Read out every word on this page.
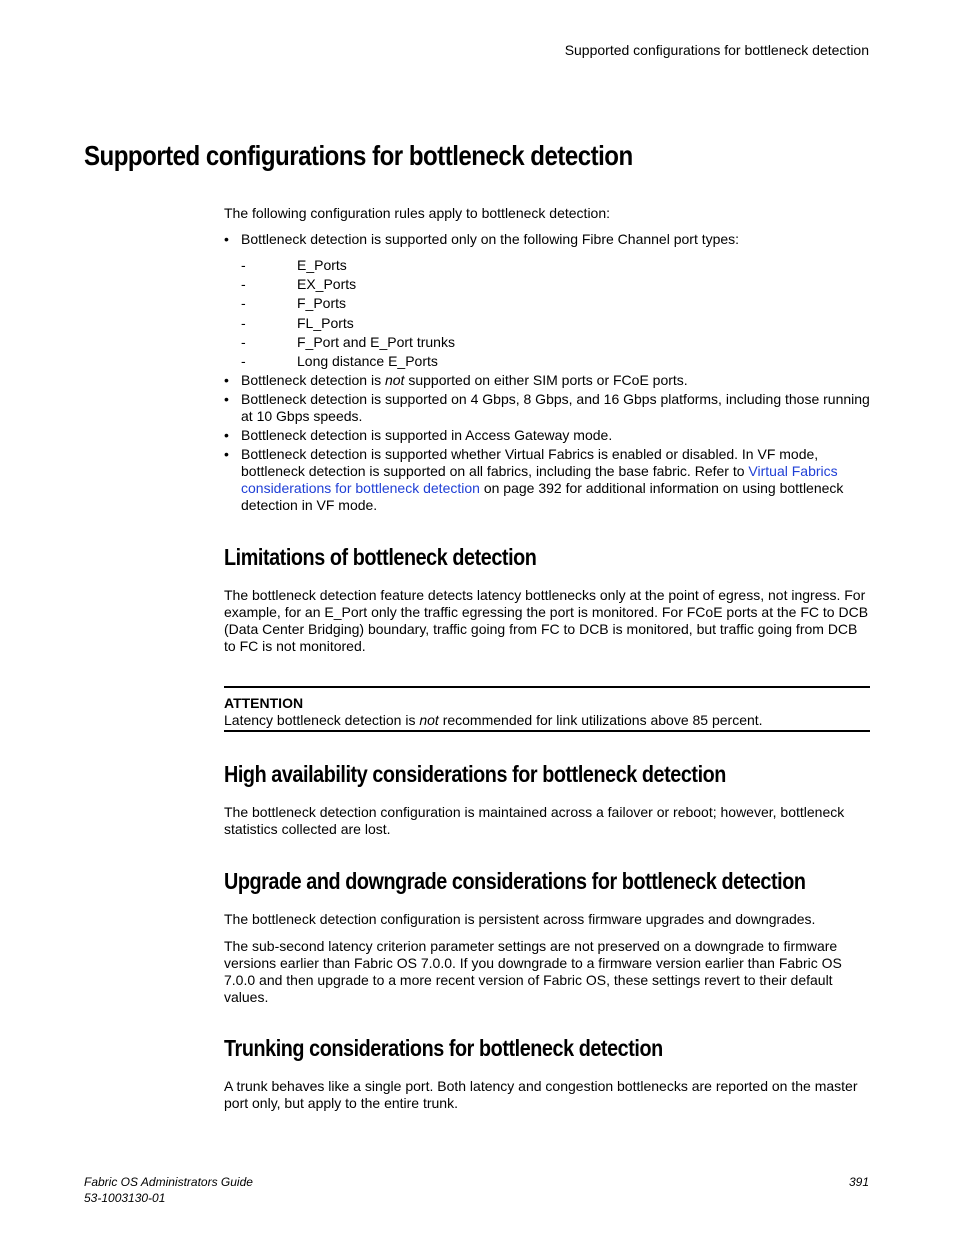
Supported configurations for bottleneck detection
Supported configurations for bottleneck detection

The following configuration rules apply to bottleneck detection:

• Bottleneck detection is supported only on the following Fibre Channel port types:
-	E_Ports
-	EX_Ports
-	F_Ports
-	FL_Ports
-	F_Port and E_Port trunks
-	Long distance E_Ports
• Bottleneck detection is not supported on either SIM ports or FCoE ports.
• Bottleneck detection is supported on 4 Gbps, 8 Gbps, and 16 Gbps platforms, including those running at 10 Gbps speeds.
• Bottleneck detection is supported in Access Gateway mode.
• Bottleneck detection is supported whether Virtual Fabrics is enabled or disabled. In VF mode, bottleneck detection is supported on all fabrics, including the base fabric. Refer to Virtual Fabrics considerations for bottleneck detection on page 392 for additional information on using bottleneck detection in VF mode.
Limitations of bottleneck detection

The bottleneck detection feature detects latency bottlenecks only at the point of egress, not ingress. For example, for an E_Port only the traffic egressing the port is monitored. For FCoE ports at the FC to DCB (Data Center Bridging) boundary, traffic going from FC to DCB is monitored, but traffic going from DCB to FC is not monitored.

ATTENTION

Latency bottleneck detection is not recommended for link utilizations above 85 percent.

High availability considerations for bottleneck detection

The bottleneck detection configuration is maintained across a failover or reboot; however, bottleneck statistics collected are lost.

Upgrade and downgrade considerations for bottleneck detection

The bottleneck detection configuration is persistent across firmware upgrades and downgrades.

The sub-second latency criterion parameter settings are not preserved on a downgrade to firmware versions earlier than Fabric OS 7.0.0. If you downgrade to a firmware version earlier than Fabric OS 7.0.0 and then upgrade to a more recent version of Fabric OS, these settings revert to their default values.

Trunking considerations for bottleneck detection

A trunk behaves like a single port. Both latency and congestion bottlenecks are reported on the master port only, but apply to the entire trunk.

Fabric OS Administrators Guide
53-1003130-01
391
